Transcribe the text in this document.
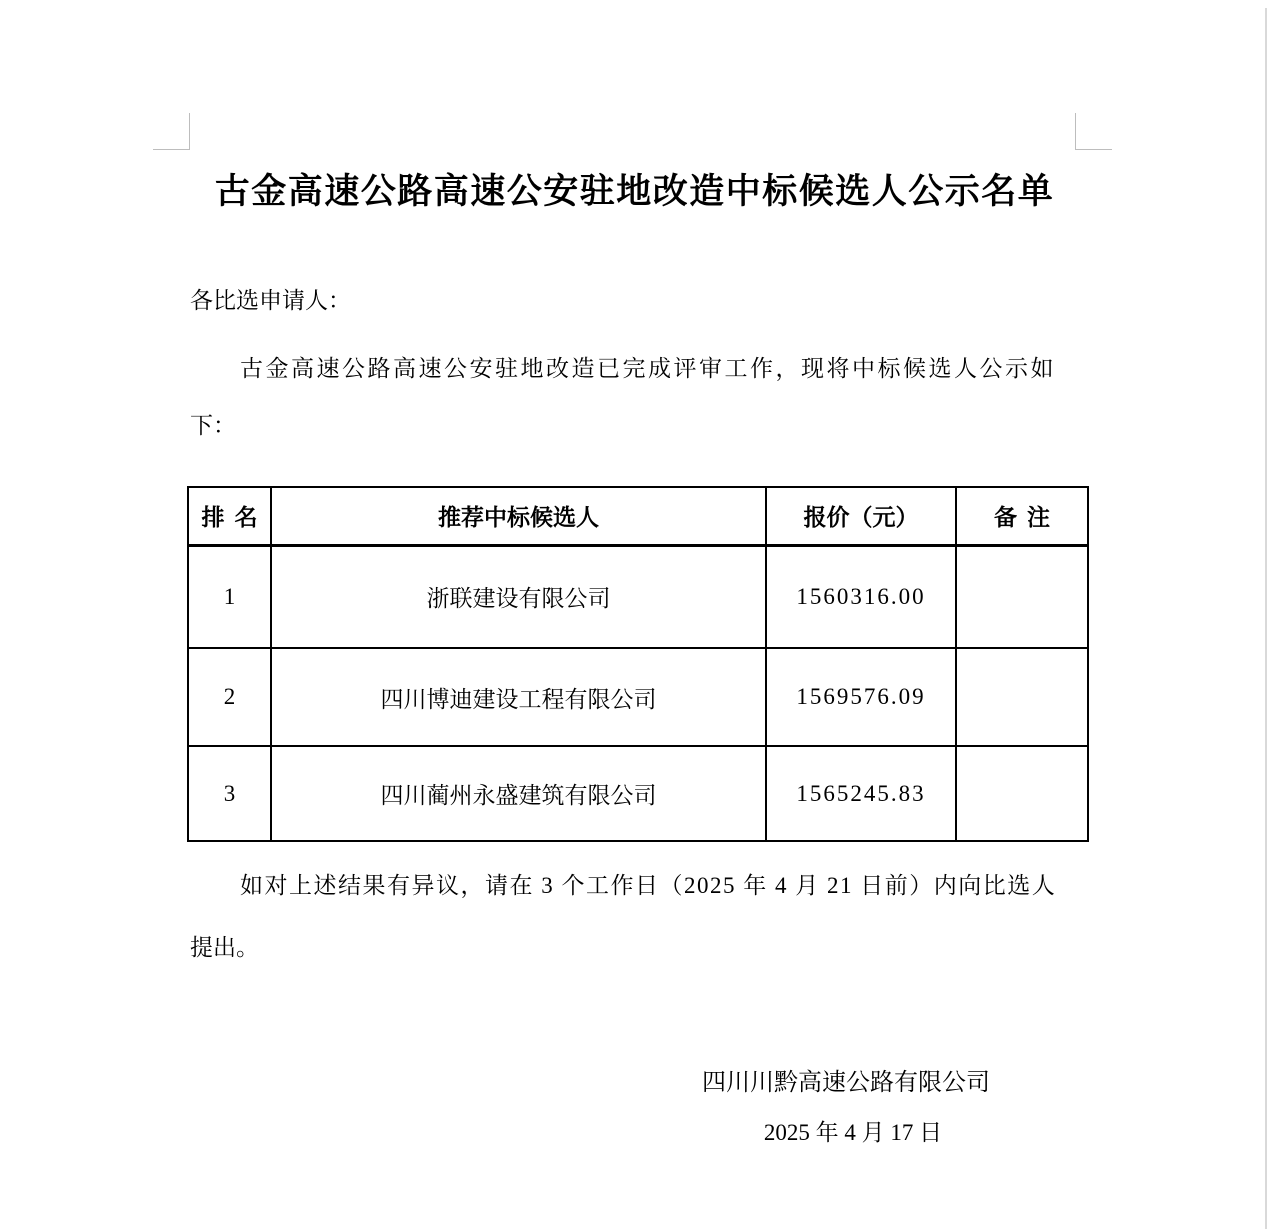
古金高速公路高速公安驻地改造中标候选人公示名单
各比选申请人：
古金高速公路高速公安驻地改造已完成评审工作，现将中标候选人公示如
下：
排名	推荐中标候选人	报价（元）	备注
1	浙联建设有限公司	1560316.00	
2	四川博迪建设工程有限公司	1569576.09	
3	四川蔺州永盛建筑有限公司	1565245.83	
如对上述结果有异议，请在 3 个工作日（2025 年 4 月 21 日前）内向比选人
提出。
四川川黔高速公路有限公司
2025 年 4 月 17 日
